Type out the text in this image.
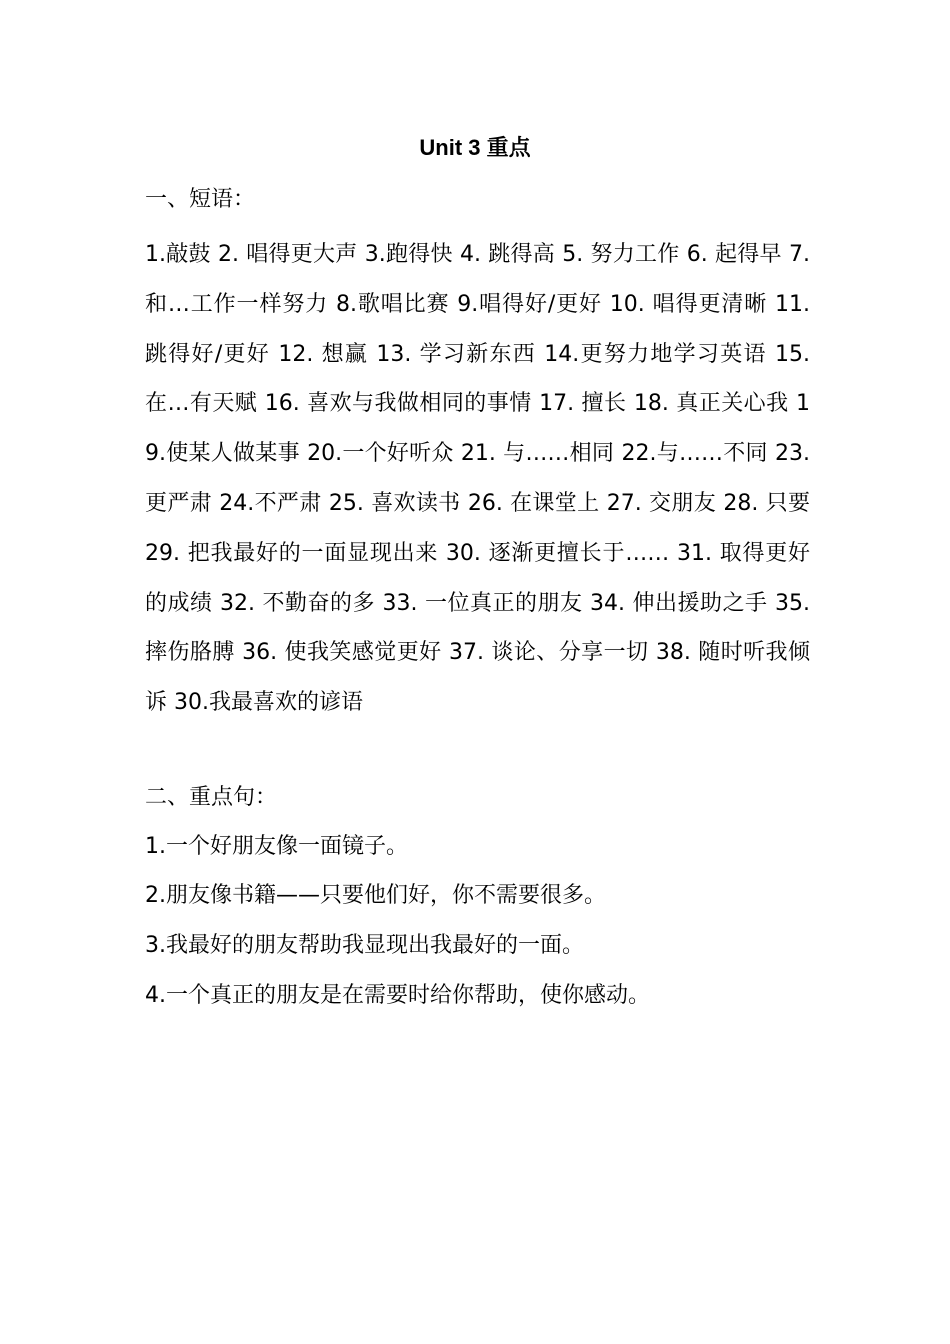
Unit 3 重点
一、短语：
1.敲鼓 2. 唱得更大声 3.跑得快 4. 跳得高 5. 努力工作 6. 起得早 7. 和…工作一样努力 8.歌唱比赛 9.唱得好/更好 10. 唱得更清晰 11. 跳得好/更好 12. 想赢 13. 学习新东西 14.更努力地学习英语 15.在…有天赋 16. 喜欢与我做相同的事情 17. 擅长 18. 真正关心我 19.使某人做某事 20.一个好听众 21. 与……相同 22.与……不同 23.更严肃 24.不严肃 25. 喜欢读书 26. 在课堂上 27. 交朋友 28. 只要 29. 把我最好的一面显现出来 30. 逐渐更擅长于…… 31. 取得更好的成绩 32. 不勤奋的多 33. 一位真正的朋友 34. 伸出援助之手 35. 摔伤胳膊 36. 使我笑感觉更好 37. 谈论、分享一切 38. 随时听我倾诉 30.我最喜欢的谚语
二、重点句：
1.一个好朋友像一面镜子。
2.朋友像书籍——只要他们好，你不需要很多。
3.我最好的朋友帮助我显现出我最好的一面。
4.一个真正的朋友是在需要时给你帮助，使你感动。
